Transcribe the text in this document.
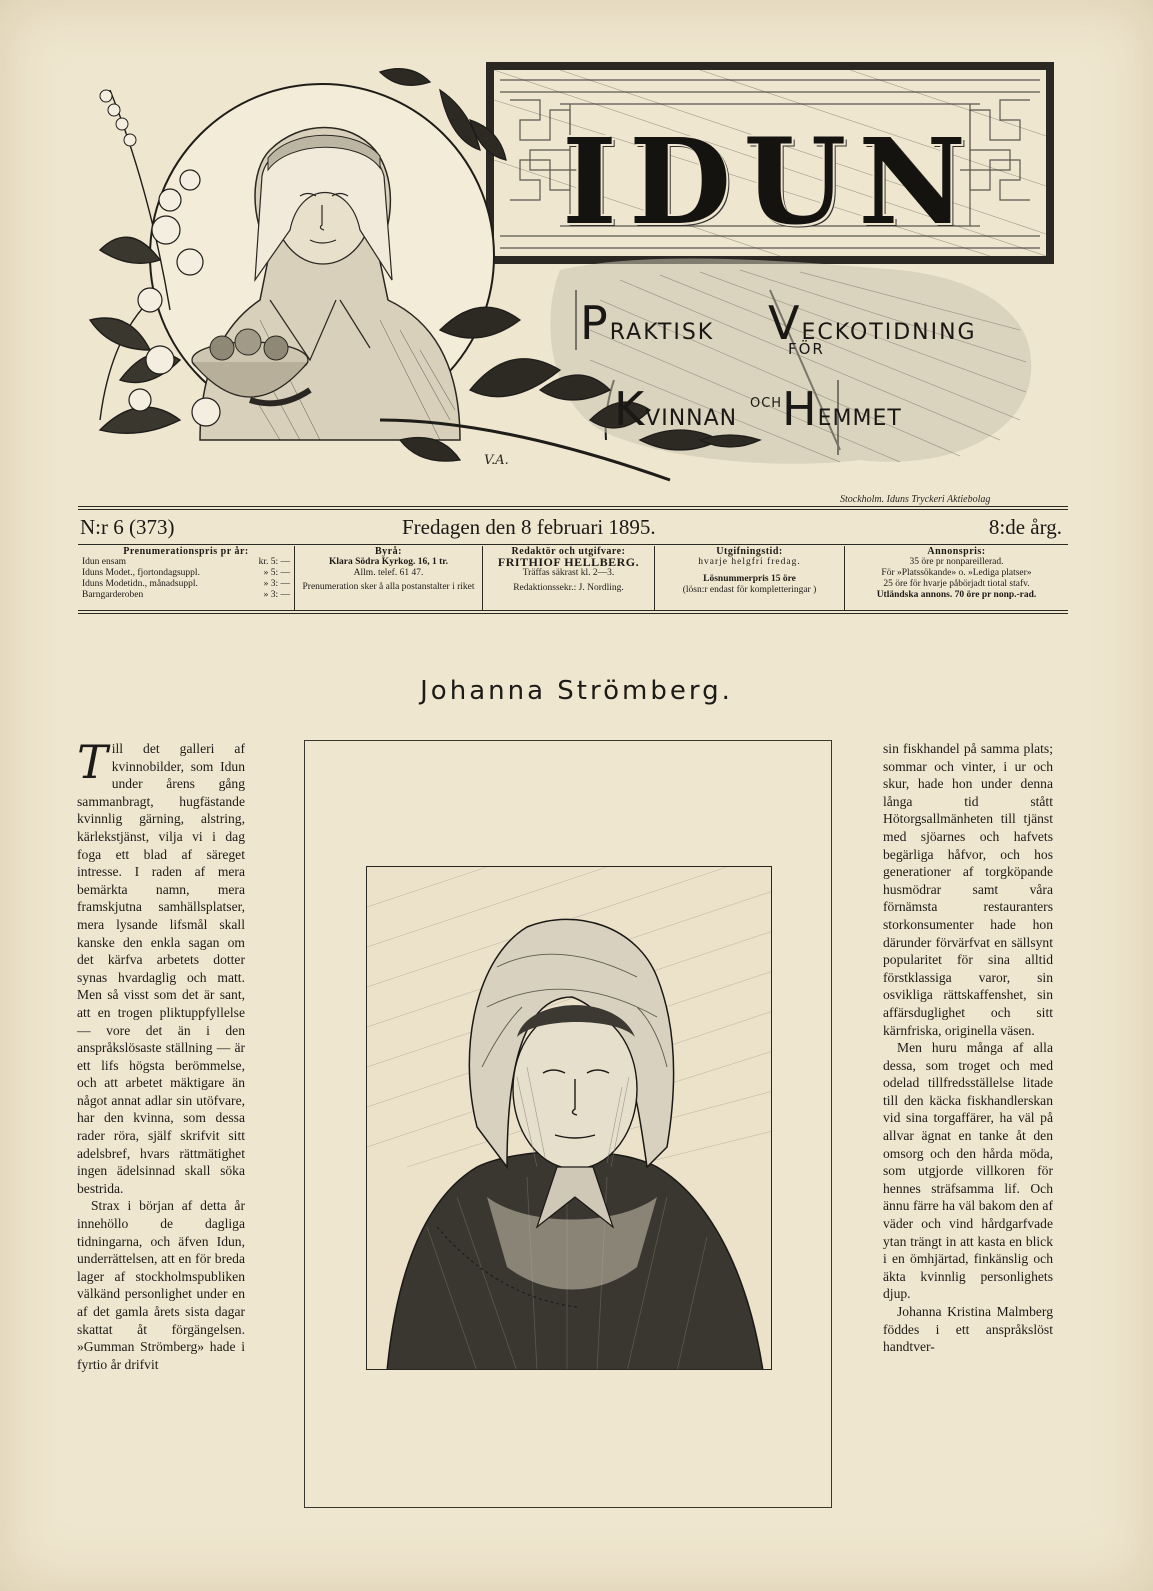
V.A.
IDUN
PRAKTISK VECKOTIDNING
FÖR
KVINNAN
OCH HEMMET
Stockholm. Iduns Tryckeri Aktiebolag
N:r 6 (373)	Fredagen den 8 februari 1895.	8:de årg.
Prenumerationspris pr år:
Idun ensam	kr. 5: —
Iduns Modet., fjortondagsuppl.	» 5: —
Iduns Modetidn., månadsuppl.	» 3: —
Barngarderoben	» 3: —
Byrå:
Klara Södra Kyrkog. 16, 1 tr.
Allm. telef. 61 47.
Prenumeration sker å alla postanstalter i riket
Redaktör och utgifvare:
FRITHIOF HELLBERG.
Träffas säkrast kl. 2—3.
Redaktionssekr.: J. Nordling.
Utgifningstid:
hvarje helgfri fredag.
Lösnummerpris 15 öre
(lösn:r endast för kompletteringar )
Annonspris:
35 öre pr nonpareillerad.
För »Platssökande» o. »Lediga platser»
25 öre för hvarje påbörjadt tiotal stafv.
Utländska annons. 70 öre pr nonp.-rad.
Johanna Strömberg.

Till det galleri af kvinnobilder, som Idun under årens gång sammanbragt, hugfästande kvinnlig gärning, alstring, kärlekstjänst, vilja vi i dag foga ett blad af säreget intresse. I raden af mera bemärkta namn, mera framskjutna samhällsplatser, mera lysande lifsmål skall kanske den enkla sagan om det kärfva arbetets dotter synas hvardaglig och matt. Men så visst som det är sant, att en trogen pliktuppfyllelse — vore det än i den anspråkslösaste ställning — är ett lifs högsta berömmelse, och att arbetet mäktigare än något annat adlar sin utöfvare, har den kvinna, som dessa rader röra, själf skrifvit sitt adelsbref, hvars rättmätighet ingen ädelsinnad skall söka bestrida.

Strax i början af detta år innehöllo de dagliga tidningarna, och äfven Idun, underrättelsen, att en för breda lager af stockholmspubliken välkänd personlighet under en af det gamla årets sista dagar skattat åt förgängelsen. »Gumman Strömberg» hade i fyrtio år drifvit

sin fiskhandel på samma plats; sommar och vinter, i ur och skur, hade hon under denna långa tid stått Hötorgsallmänheten till tjänst med sjöarnes och hafvets begärliga håfvor, och hos generationer af torgköpande husmödrar samt våra förnämsta restauranters storkonsumenter hade hon därunder förvärfvat en sällsynt popularitet för sina alltid förstklassiga varor, sin osvikliga rättskaffenshet, sin affärsduglighet och sitt kärnfriska, originella väsen.

Men huru många af alla dessa, som troget och med odelad tillfredsställelse litade till den käcka fiskhandlerskan vid sina torgaffärer, ha väl på allvar ägnat en tanke åt den omsorg och den hårda möda, som utgjorde villkoren för hennes sträfsamma lif. Och ännu färre ha väl bakom den af väder och vind hårdgarfvade ytan trängt in att kasta en blick i en ömhjärtad, finkänslig och äkta kvinnlig personlighets djup.

Johanna Kristina Malmberg föddes i ett anspråkslöst handtver-
